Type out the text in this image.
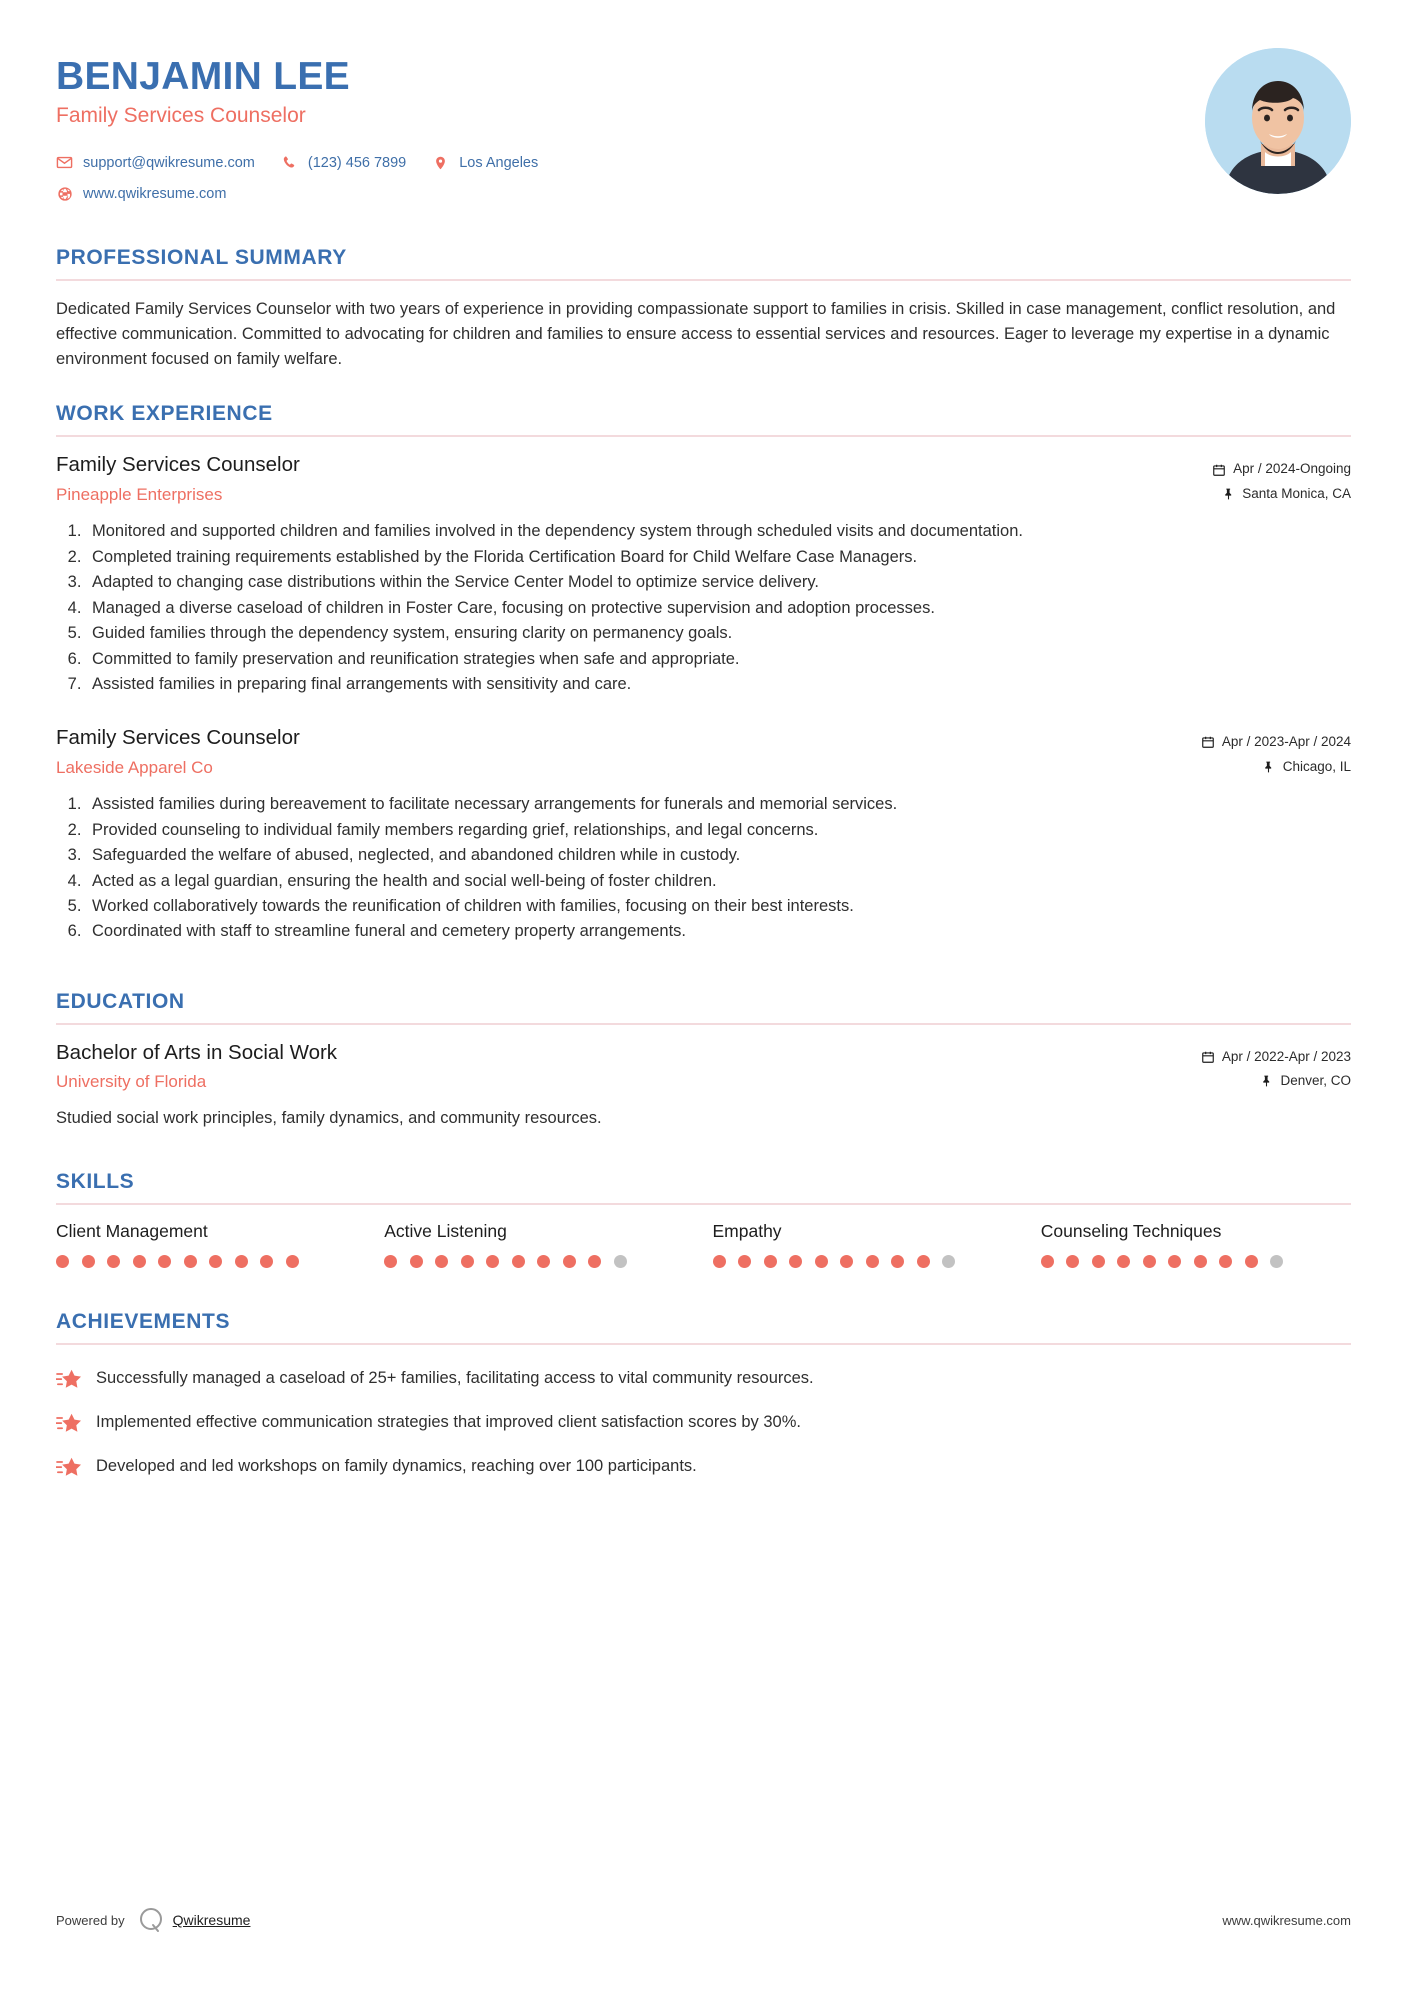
BENJAMIN LEE
Family Services Counselor
support@qwikresume.com	(123) 456 7899	Los Angeles
www.qwikresume.com
PROFESSIONAL SUMMARY

Dedicated Family Services Counselor with two years of experience in providing compassionate support to families in crisis. Skilled in case management, conflict resolution, and effective communication. Committed to advocating for children and families to ensure access to essential services and resources. Eager to leverage my expertise in a dynamic environment focused on family welfare.

WORK EXPERIENCE
Family Services Counselor
Pineapple Enterprises
Apr / 2024-Ongoing
Santa Monica, CA
1. Monitored and supported children and families involved in the dependency system through scheduled visits and documentation.
2. Completed training requirements established by the Florida Certification Board for Child Welfare Case Managers.
3. Adapted to changing case distributions within the Service Center Model to optimize service delivery.
4. Managed a diverse caseload of children in Foster Care, focusing on protective supervision and adoption processes.
5. Guided families through the dependency system, ensuring clarity on permanency goals.
6. Committed to family preservation and reunification strategies when safe and appropriate.
7. Assisted families in preparing final arrangements with sensitivity and care.
Family Services Counselor
Lakeside Apparel Co
Apr / 2023-Apr / 2024
Chicago, IL
1. Assisted families during bereavement to facilitate necessary arrangements for funerals and memorial services.
2. Provided counseling to individual family members regarding grief, relationships, and legal concerns.
3. Safeguarded the welfare of abused, neglected, and abandoned children while in custody.
4. Acted as a legal guardian, ensuring the health and social well-being of foster children.
5. Worked collaboratively towards the reunification of children with families, focusing on their best interests.
6. Coordinated with staff to streamline funeral and cemetery property arrangements.
EDUCATION
Bachelor of Arts in Social Work
University of Florida
Apr / 2022-Apr / 2023
Denver, CO

Studied social work principles, family dynamics, and community resources.

SKILLS
Client Management	Active Listening	Empathy	Counseling Techniques
ACHIEVEMENTS
Successfully managed a caseload of 25+ families, facilitating access to vital community resources.
Implemented effective communication strategies that improved client satisfaction scores by 30%.
Developed and led workshops on family dynamics, reaching over 100 participants.
Powered by	Qwikresume	www.qwikresume.com
